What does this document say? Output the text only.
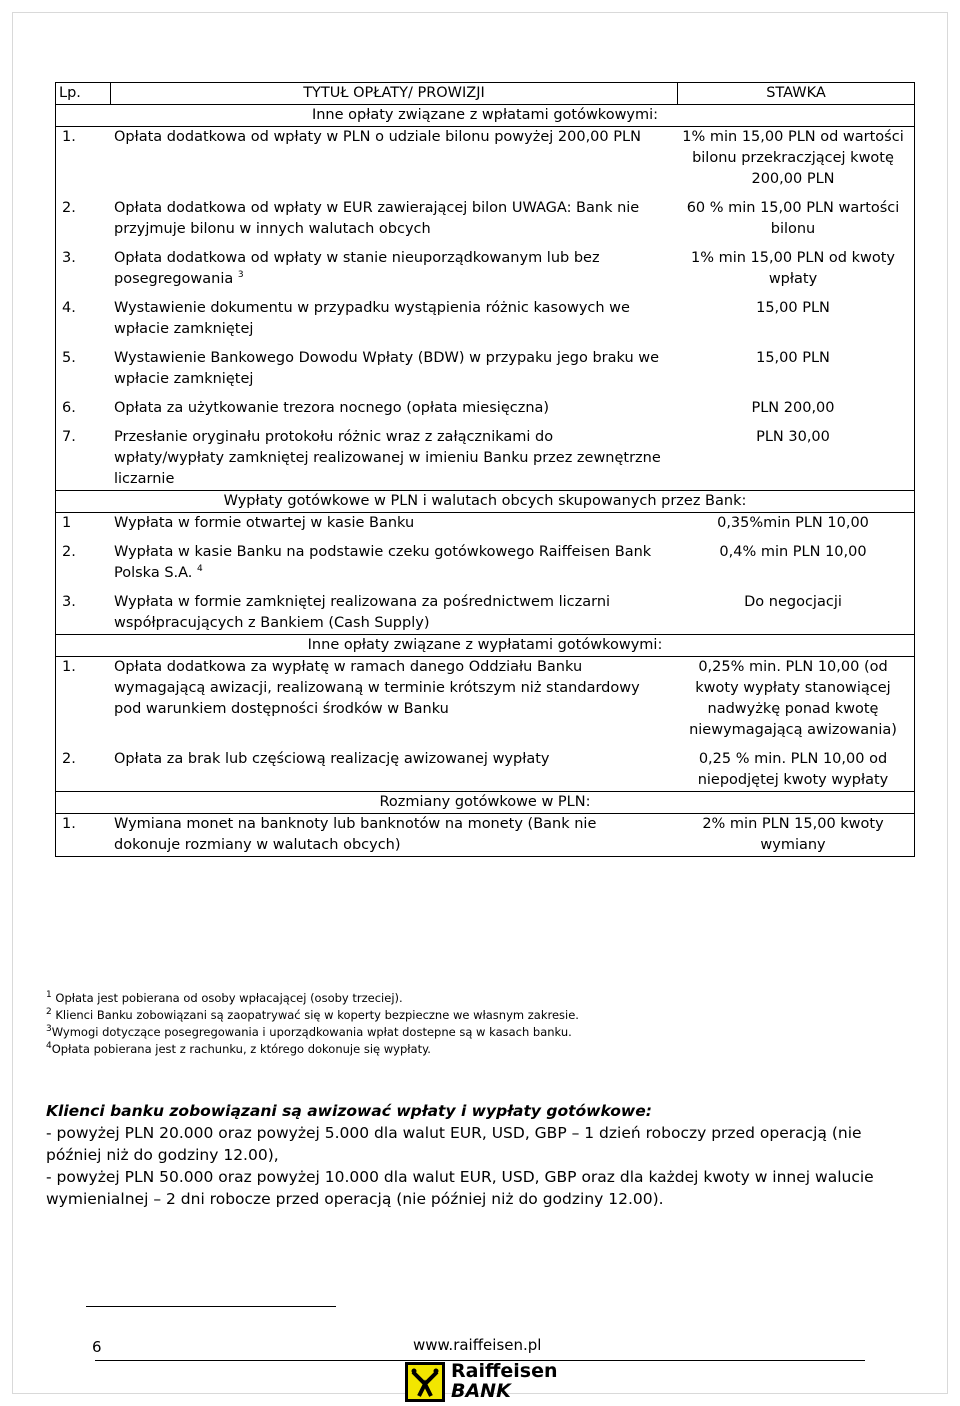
Lp.	TYTUŁ OPŁATY/ PROWIZJI	STAWKA
Inne opłaty związane z wpłatami gotówkowymi:

1.	Opłata dodatkowa od wpłaty w PLN o udziale bilonu powyżej 200,00 PLN	1% min 15,00 PLN od wartości bilonu przekraczjącej kwotę 200,00 PLN

2.	Opłata dodatkowa od wpłaty w EUR zawierającej bilon UWAGA: Bank nie przyjmuje bilonu w innych walutach obcych	60 % min 15,00 PLN wartości bilonu

3.	Opłata dodatkowa od wpłaty w stanie nieuporządkowanym lub bez posegregowania $^3$	1% min 15,00 PLN od kwoty wpłaty

4.	Wystawienie dokumentu w przypadku wystąpienia różnic kasowych we wpłacie zamkniętej	15,00 PLN

5.	Wystawienie Bankowego Dowodu Wpłaty (BDW) w przypaku jego braku we wpłacie zamkniętej	15,00 PLN

6.	Opłata za użytkowanie trezora nocnego (opłata miesięczna)	PLN 200,00

7.	Przesłanie oryginału protokołu różnic wraz z załącznikami do wpłaty/wypłaty zamkniętej realizowanej w imieniu Banku przez zewnętrzne liczarnie	PLN 30,00

Wypłaty gotówkowe w PLN i walutach obcych skupowanych przez Bank:

1	Wypłata w formie otwartej w kasie Banku	0,35%min PLN 10,00

2.	Wypłata w kasie Banku na podstawie czeku gotówkowego Raiffeisen Bank Polska S.A. $^4$	0,4% min PLN 10,00

3.	Wypłata w formie zamkniętej realizowana za pośrednictwem liczarni współpracujących z Bankiem (Cash Supply)	Do negocjacji

Inne opłaty związane z wypłatami gotówkowymi:

1.	Opłata dodatkowa za wypłatę w ramach danego Oddziału Banku wymagającą awizacji, realizowaną w terminie krótszym niż standardowy pod warunkiem dostępności środków w Banku	0,25% min. PLN 10,00 (od kwoty wypłaty stanowiącej nadwyżkę ponad kwotę niewymagającą awizowania)

2.	Opłata za brak lub częściową realizację awizowanej wypłaty	0,25 % min. PLN 10,00 od niepodjętej kwoty wypłaty

Rozmiany gotówkowe w PLN:

1.	Wymiana monet na banknoty lub banknotów na monety (Bank nie dokonuje rozmiany w walutach obcych)	2% min PLN 15,00 kwoty wymiany
$^1$ Opłata jest pobierana od osoby wpłacającej (osoby trzeciej).
$^2$ Klienci Banku zobowiązani są zaopatrywać się w koperty bezpieczne we własnym zakresie.
$^3$Wymogi dotyczące posegregowania i uporządkowania wpłat dostepne są w kasach banku.
$^4$Opłata pobierana jest z rachunku, z którego dokonuje się wypłaty.
Klienci banku zobowiązani są awizować wpłaty i wypłaty gotówkowe:
- powyżej PLN 20.000 oraz powyżej 5.000 dla walut EUR, USD, GBP – 1 dzień roboczy przed operacją (nie później niż do godziny 12.00),
- powyżej PLN 50.000 oraz powyżej 10.000 dla walut EUR, USD, GBP oraz dla każdej kwoty w innej walucie wymienialnej – 2 dni robocze przed operacją (nie później niż do godziny 12.00).
6	www.raiffeisen.pl
Raiffeisen
BANK
